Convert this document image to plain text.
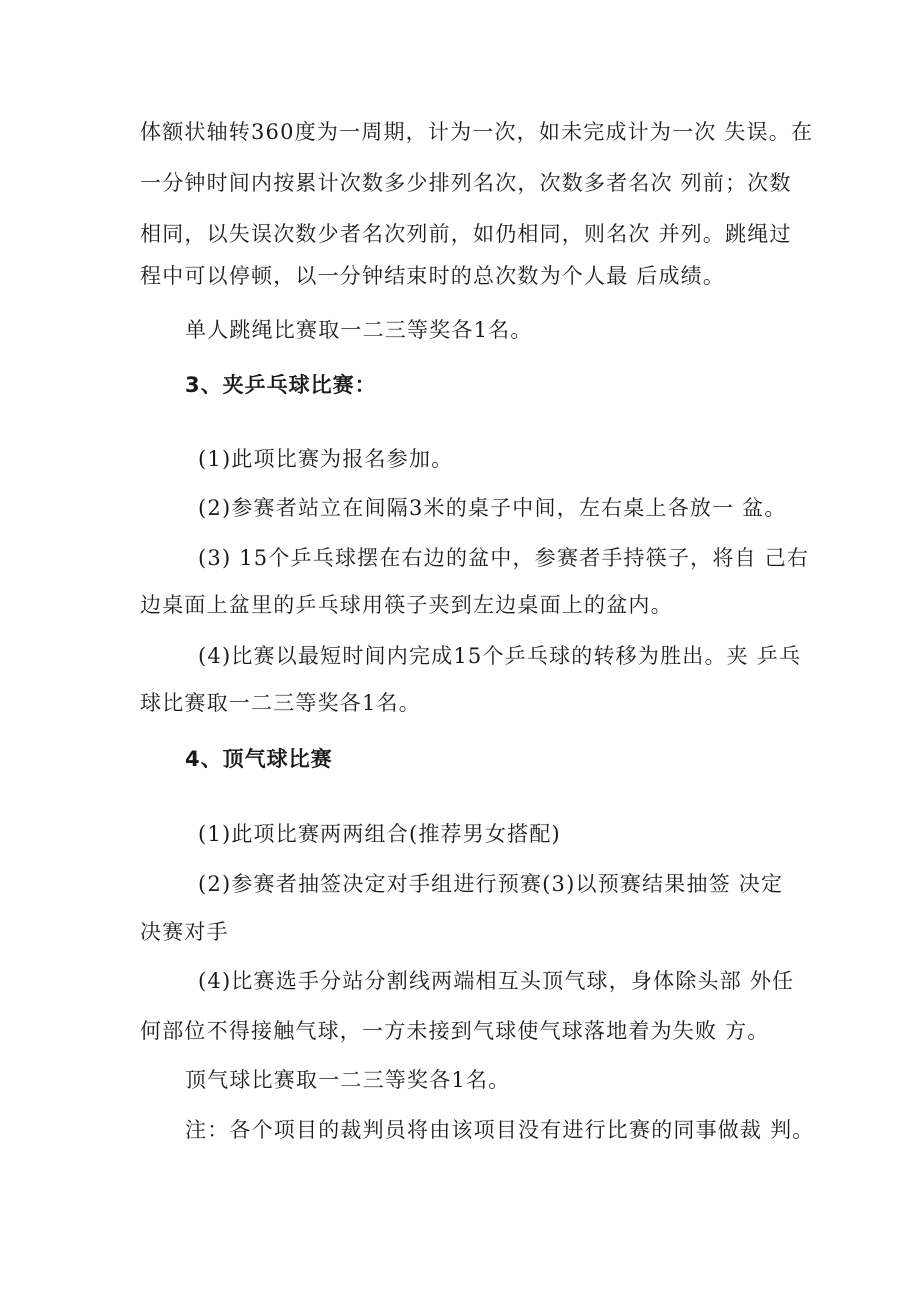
体额状轴转360度为一周期，计为一次，如未完成计为一次 失误。在
一分钟时间内按累计次数多少排列名次，次数多者名次 列前；次数
相同，以失误次数少者名次列前，如仍相同，则名次 并列。跳绳过
程中可以停顿，以一分钟结束时的总次数为个人最 后成绩。
单人跳绳比赛取一二三等奖各1名。
3、夹乒乓球比赛：
(1)此项比赛为报名参加。
(2)参赛者站立在间隔3米的桌子中间，左右桌上各放一 盆。
(3) 15个乒乓球摆在右边的盆中，参赛者手持筷子，将自 己右
边桌面上盆里的乒乓球用筷子夹到左边桌面上的盆内。
(4)比赛以最短时间内完成15个乒乓球的转移为胜出。夹 乒乓
球比赛取一二三等奖各1名。
4、顶气球比赛
(1)此项比赛两两组合(推荐男女搭配)
(2)参赛者抽签决定对手组进行预赛(3)以预赛结果抽签 决定
决赛对手
(4)比赛选手分站分割线两端相互头顶气球，身体除头部 外任
何部位不得接触气球，一方未接到气球使气球落地着为失败 方。
顶气球比赛取一二三等奖各1名。
注：各个项目的裁判员将由该项目没有进行比赛的同事做裁 判。
